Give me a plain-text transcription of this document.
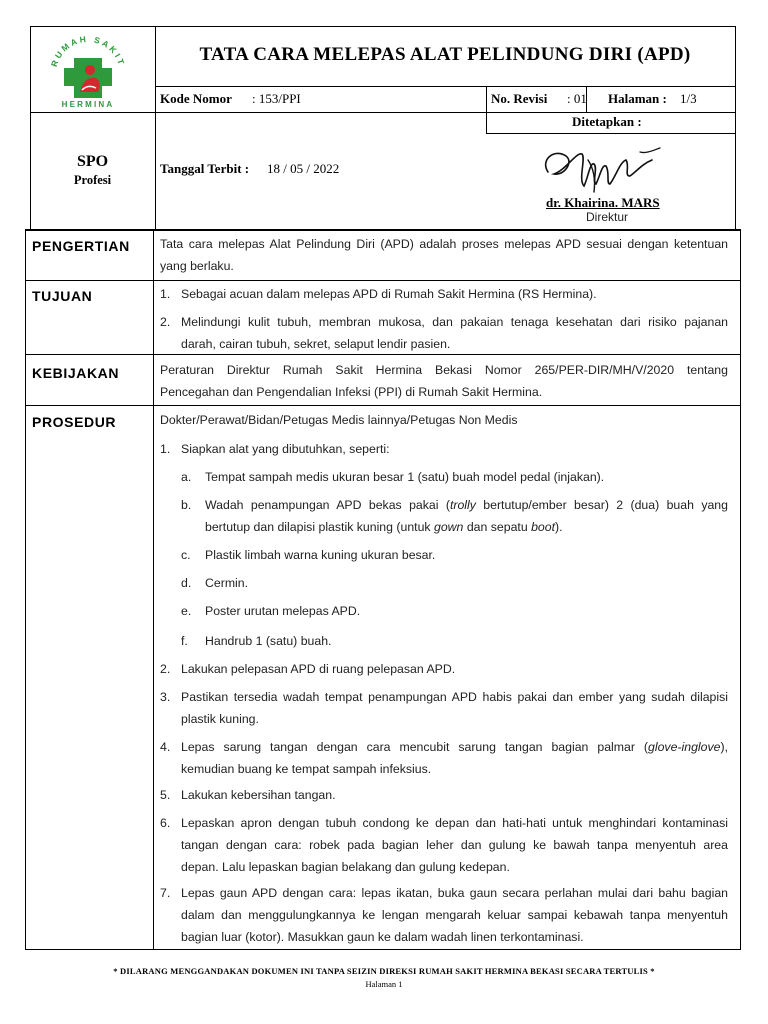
RUMAH SAKIT
HERMINA
TATA CARA MELEPAS ALAT PELINDUNG DIRI (APD)
Kode Nomor : 153/PPI	No. Revisi : 01 Halaman : 1/3
SPO
Profesi
Tanggal Terbit : 18 / 05 / 2022
Ditetapkan :
dr. Khairina. MARS
Direktur
PENGERTIAN Tata cara melepas Alat Pelindung Diri (APD) adalah proses melepas APD sesuai dengan ketentuan
yang berlaku.
TUJUAN	1. Sebagai acuan dalam melepas APD di Rumah Sakit Hermina (RS Hermina).
2. Melindungi kulit tubuh, membran mukosa, dan pakaian tenaga kesehatan dari risiko pajanan
darah, cairan tubuh, sekret, selaput lendir pasien.
KEBIJAKAN	Peraturan Direktur Rumah Sakit Hermina Bekasi Nomor 265/PER-DIR/MH/V/2020 tentang
Pencegahan dan Pengendalian Infeksi (PPI) di Rumah Sakit Hermina.
PROSEDUR	Dokter/Perawat/Bidan/Petugas Medis lainnya/Petugas Non Medis
1. Siapkan alat yang dibutuhkan, seperti:
a. Tempat sampah medis ukuran besar 1 (satu) buah model pedal (injakan).
b. Wadah penampungan APD bekas pakai (trolly bertutup/ember besar) 2 (dua) buah yang
bertutup dan dilapisi plastik kuning (untuk gown dan sepatu boot).
c. Plastik limbah warna kuning ukuran besar.
d. Cermin.
e. Poster urutan melepas APD.
f. Handrub 1 (satu) buah.
2. Lakukan pelepasan APD di ruang pelepasan APD.
3. Pastikan tersedia wadah tempat penampungan APD habis pakai dan ember yang sudah dilapisi
plastik kuning.
4. Lepas sarung tangan dengan cara mencubit sarung tangan bagian palmar (glove-inglove),
kemudian buang ke tempat sampah infeksius.
5. Lakukan kebersihan tangan.
6. Lepaskan apron dengan tubuh condong ke depan dan hati-hati untuk menghindari kontaminasi
tangan dengan cara: robek pada bagian leher dan gulung ke bawah tanpa menyentuh area
depan. Lalu lepaskan bagian belakang dan gulung kedepan.
7. Lepas gaun APD dengan cara: lepas ikatan, buka gaun secara perlahan mulai dari bahu bagian
dalam dan menggulungkannya ke lengan mengarah keluar sampai kebawah tanpa menyentuh
bagian luar (kotor). Masukkan gaun ke dalam wadah linen terkontaminasi.
* DILARANG MENGGANDAKAN DOKUMEN INI TANPA SEIZIN DIREKSI RUMAH SAKIT HERMINA BEKASI SECARA TERTULIS *
Halaman 1
